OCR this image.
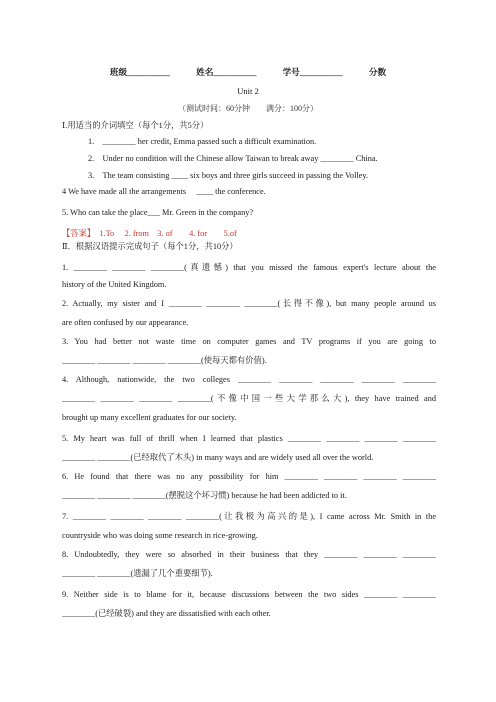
班级__________	姓名__________	学号__________	分数
Unit 2
（测试时间：60分钟　　满分：100分）
Ⅰ.用适当的介词填空（每个1分，共5分）
1.　________ her credit, Emma passed such a difficult examination.
2.　Under no condition will the Chinese allow Taiwan to break away ________ China.
3.　The team consisting ____ six boys and three girls succeed in passing the Volley.
4 We have made all the arrangements　 ____ the conference.
5. Who can take the place___ Mr. Green in the company?
【答案】　1.To　 2. from　3. of　　4. for　　5.of
Ⅱ．根据汉语提示完成句子（每个1分，共10分）
1. ________ ________ ________(真遗憾) that you missed the famous expert's lecture about the
history of the United Kingdom.
2. Actually, my sister and I ________ ________ ________(长得不像), but many people around us
are often confused by our appearance.
3. You had better not waste time on computer games and TV programs if you are going to
________ ________ ________ ________(使每天都有价值).
4. Although, nationwide, the two colleges ________ ________ ________ ________ ________
________ ________ ________ ________(不像中国一些大学那么大), they have trained and
brought up many excellent graduates for our society.
5. My heart was full of thrill when I learned that plastics ________ ________ ________ ________
________ ________(已经取代了木头) in many ways and are widely used all over the world.
6. He found that there was no any possibility for him ________ ________ ________ ________
________ ________ ________(摆脱这个坏习惯) because he had been addicted to it.
7. ________ ________ ________ ________(让我极为高兴的是), I came across Mr. Smith in the
countryside who was doing some research in rice-growing.
8. Undoubtedly, they were so absorbed in their business that they ________ ________ ________
________ ________(遗漏了几个重要细节).
9. Neither side is to blame for it, because discussions between the two sides ________ ________
________(已经破裂) and they are dissatisfied with each other.
